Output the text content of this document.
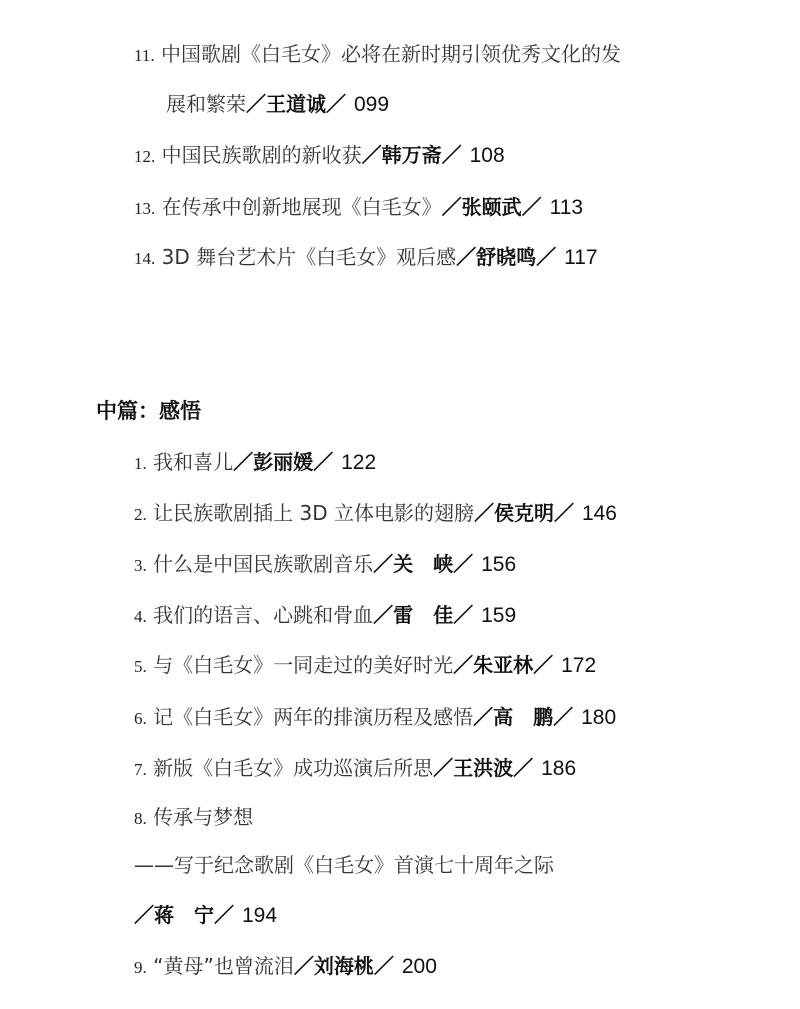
11. 中国歌剧《白毛女》必将在新时期引领优秀文化的发
展和繁荣／王道诚／ 099
12. 中国民族歌剧的新收获／韩万斋／ 108
13. 在传承中创新地展现《白毛女》／张颐武／ 113
14. 3D 舞台艺术片《白毛女》观后感／舒晓鸣／ 117
中篇：感悟
1. 我和喜儿／彭丽媛／ 122
2. 让民族歌剧插上 3D 立体电影的翅膀／侯克明／ 146
3. 什么是中国民族歌剧音乐／关　峡／ 156
4. 我们的语言、心跳和骨血／雷　佳／ 159
5. 与《白毛女》一同走过的美好时光／朱亚林／ 172
6. 记《白毛女》两年的排演历程及感悟／高　鹏／ 180
7. 新版《白毛女》成功巡演后所思／王洪波／ 186
8. 传承与梦想
——写于纪念歌剧《白毛女》首演七十周年之际
／蒋　宁／ 194
9. “黄母”也曾流泪／刘海桃／ 200
